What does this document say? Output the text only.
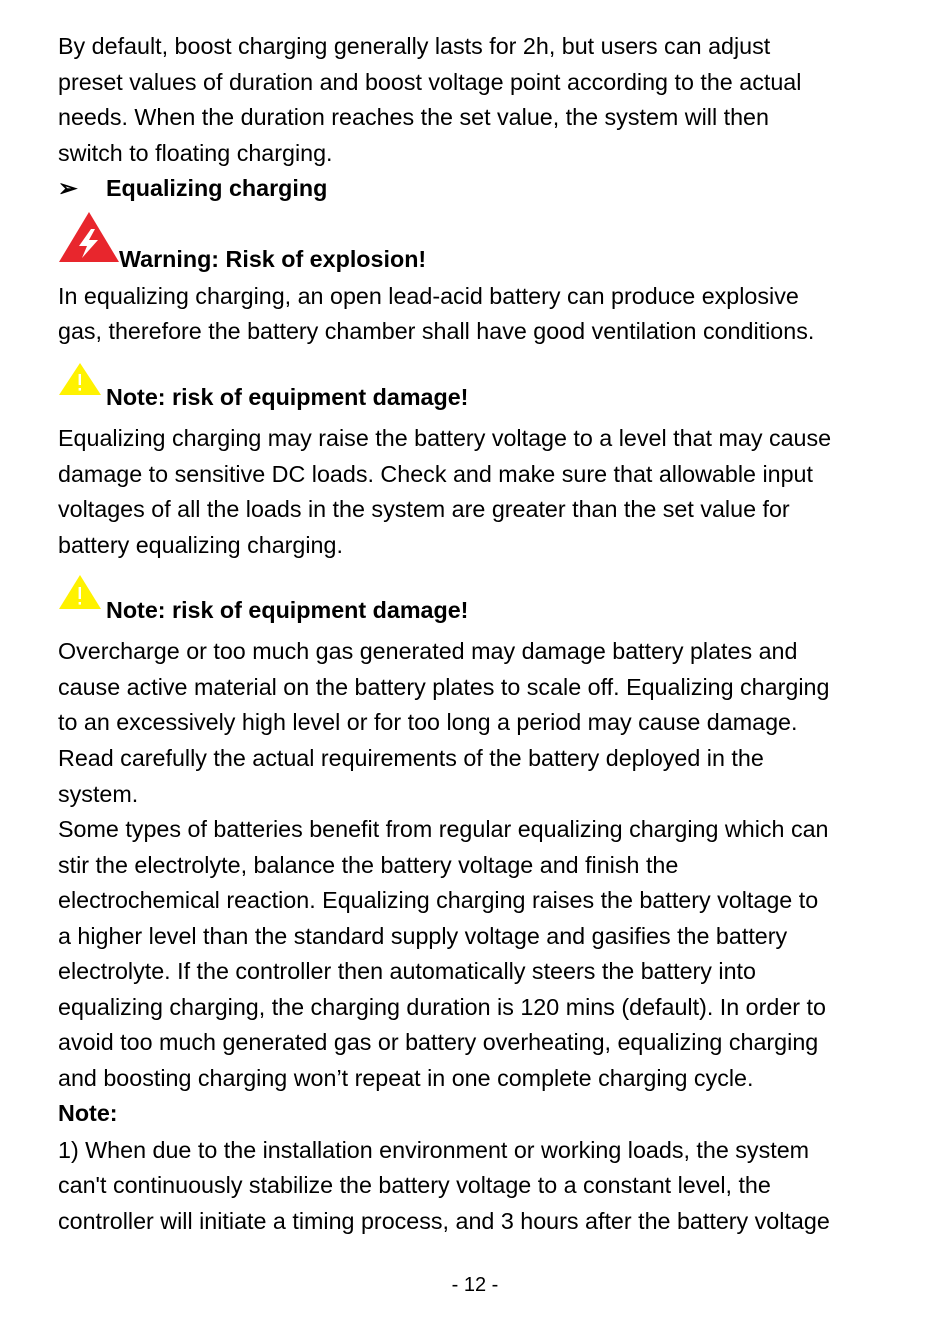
By default, boost charging generally lasts for 2h, but users can adjust
preset values of duration and boost voltage point according to the actual
needs. When the duration reaches the set value, the system will then
switch to floating charging.
➢ Equalizing charging
Warning: Risk of explosion!
In equalizing charging, an open lead-acid battery can produce explosive
gas, therefore the battery chamber shall have good ventilation conditions.
Note: risk of equipment damage!
Equalizing charging may raise the battery voltage to a level that may cause
damage to sensitive DC loads. Check and make sure that allowable input
voltages of all the loads in the system are greater than the set value for
battery equalizing charging.
Note: risk of equipment damage!
Overcharge or too much gas generated may damage battery plates and
cause active material on the battery plates to scale off. Equalizing charging
to an excessively high level or for too long a period may cause damage.
Read carefully the actual requirements of the battery deployed in the
system.
Some types of batteries benefit from regular equalizing charging which can
stir the electrolyte, balance the battery voltage and finish the
electrochemical reaction. Equalizing charging raises the battery voltage to
a higher level than the standard supply voltage and gasifies the battery
electrolyte. If the controller then automatically steers the battery into
equalizing charging, the charging duration is 120 mins (default). In order to
avoid too much generated gas or battery overheating, equalizing charging
and boosting charging won’t repeat in one complete charging cycle.
Note:
1) When due to the installation environment or working loads, the system
can't continuously stabilize the battery voltage to a constant level, the
controller will initiate a timing process, and 3 hours after the battery voltage
- 12 -
